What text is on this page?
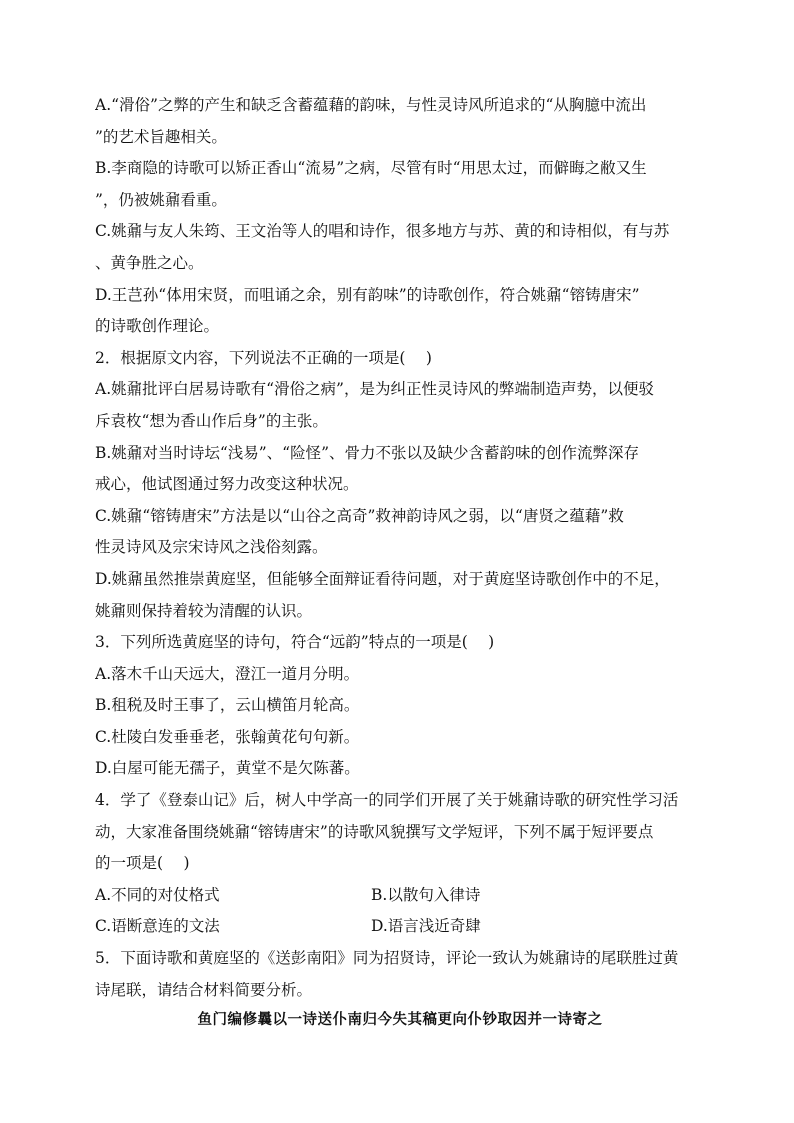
A.“滑俗”之弊的产生和缺乏含蓄蕴藉的韵味，与性灵诗风所追求的“从胸臆中流出
”的艺术旨趣相关。
B.李商隐的诗歌可以矫正香山“流易”之病，尽管有时“用思太过，而僻晦之敝又生
”，仍被姚鼐看重。
C.姚鼐与友人朱筠、王文治等人的唱和诗作，很多地方与苏、黄的和诗相似，有与苏
、黄争胜之心。
D.王芑孙“体用宋贤，而咀诵之余，别有韵味”的诗歌创作，符合姚鼐“镕铸唐宋”
的诗歌创作理论。
2．根据原文内容，下列说法不正确的一项是(　 )
A.姚鼐批评白居易诗歌有“滑俗之病”，是为纠正性灵诗风的弊端制造声势，以便驳
斥袁枚“想为香山作后身”的主张。
B.姚鼐对当时诗坛“浅易”、“险怪”、骨力不张以及缺少含蓄韵味的创作流弊深存
戒心，他试图通过努力改变这种状况。
C.姚鼐“镕铸唐宋”方法是以“山谷之高奇”救神韵诗风之弱，以“唐贤之蕴藉”救
性灵诗风及宗宋诗风之浅俗刻露。
D.姚鼐虽然推崇黄庭坚，但能够全面辩证看待问题，对于黄庭坚诗歌创作中的不足，
姚鼐则保持着较为清醒的认识。
3．下列所选黄庭坚的诗句，符合“远韵”特点的一项是(　 )
A.落木千山天远大，澄江一道月分明。
B.租税及时王事了，云山横笛月轮高。
C.杜陵白发垂垂老，张翰黄花句句新。
D.白屋可能无孺子，黄堂不是欠陈蕃。
4．学了《登泰山记》后，树人中学高一的同学们开展了关于姚鼐诗歌的研究性学习活
动，大家准备围绕姚鼐“镕铸唐宋”的诗歌风貌撰写文学短评，下列不属于短评要点
的一项是(　 )
A.不同的对仗格式	B.以散句入律诗
C.语断意连的文法	D.语言浅近奇肆
5．下面诗歌和黄庭坚的《送彭南阳》同为招贤诗，评论一致认为姚鼐诗的尾联胜过黄
诗尾联，请结合材料简要分析。
鱼门编修曩以一诗送仆南归今失其稿更向仆钞取因并一诗寄之
